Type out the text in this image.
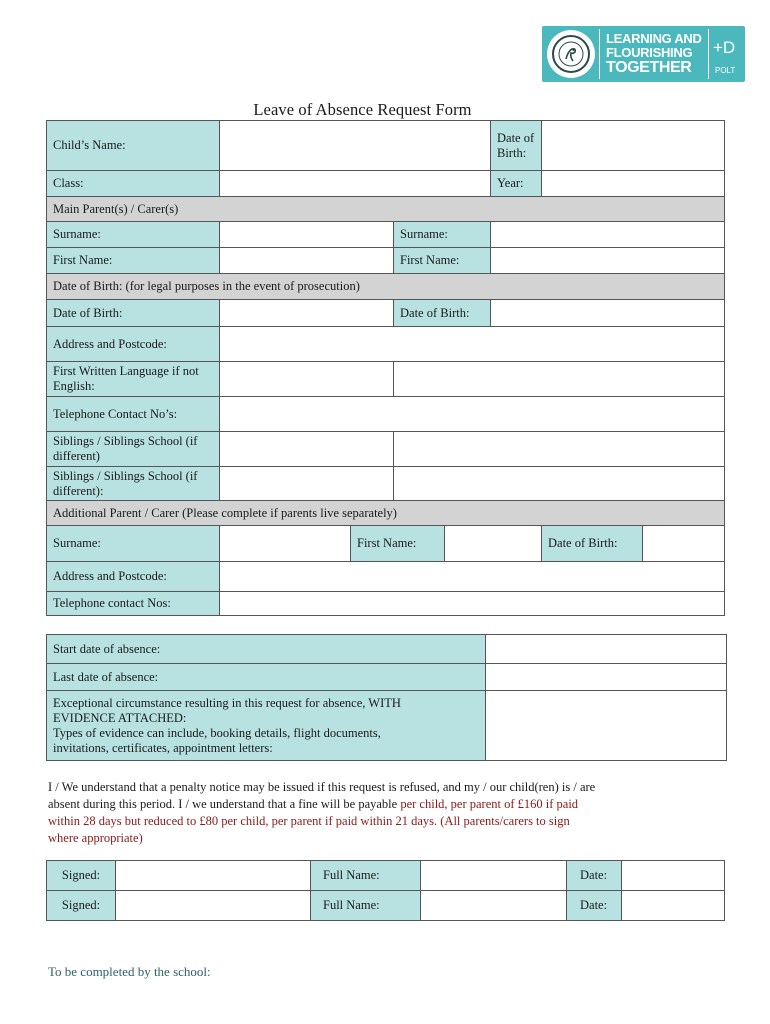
LEARNING AND
FLOURISHING
TOGETHER
+D
POLT
Leave of Absence Request Form
Child’s Name:					Date of Birth:		
Class:					Year:		
Main Parent(s) / Carer(s)							
Surname:			Surname:				
First Name:			First Name:				
Date of Birth: (for legal purposes in the event of prosecution)							
Date of Birth:			Date of Birth:				
Address and Postcode:							
First Written Language if not English:							
Telephone Contact No’s:							
Siblings / Siblings School (if different)							
Siblings / Siblings School (if different):							
Additional Parent / Carer (Please complete if parents live separately)							
Surname:		First Name:				Date of Birth:	
Address and Postcode:							
Telephone contact Nos:							
Start date of absence:	
Last date of absence:	

Exceptional circumstance resulting in this request for absence, WITH
EVIDENCE ATTACHED:
Types of evidence can include, booking details, flight documents,
invitations, certificates, appointment letters:	

I / We understand that a penalty notice may be issued if this request is refused, and my / our child(ren) is / are
absent during this period. I / we understand that a fine will be payable per child, per parent of £160 if paid
within 28 days but reduced to £80 per child, per parent if paid within 21 days. (All parents/carers to sign
where appropriate)
Signed:		Full Name:		Date:	
Signed:		Full Name:		Date:	
To be completed by the school:
